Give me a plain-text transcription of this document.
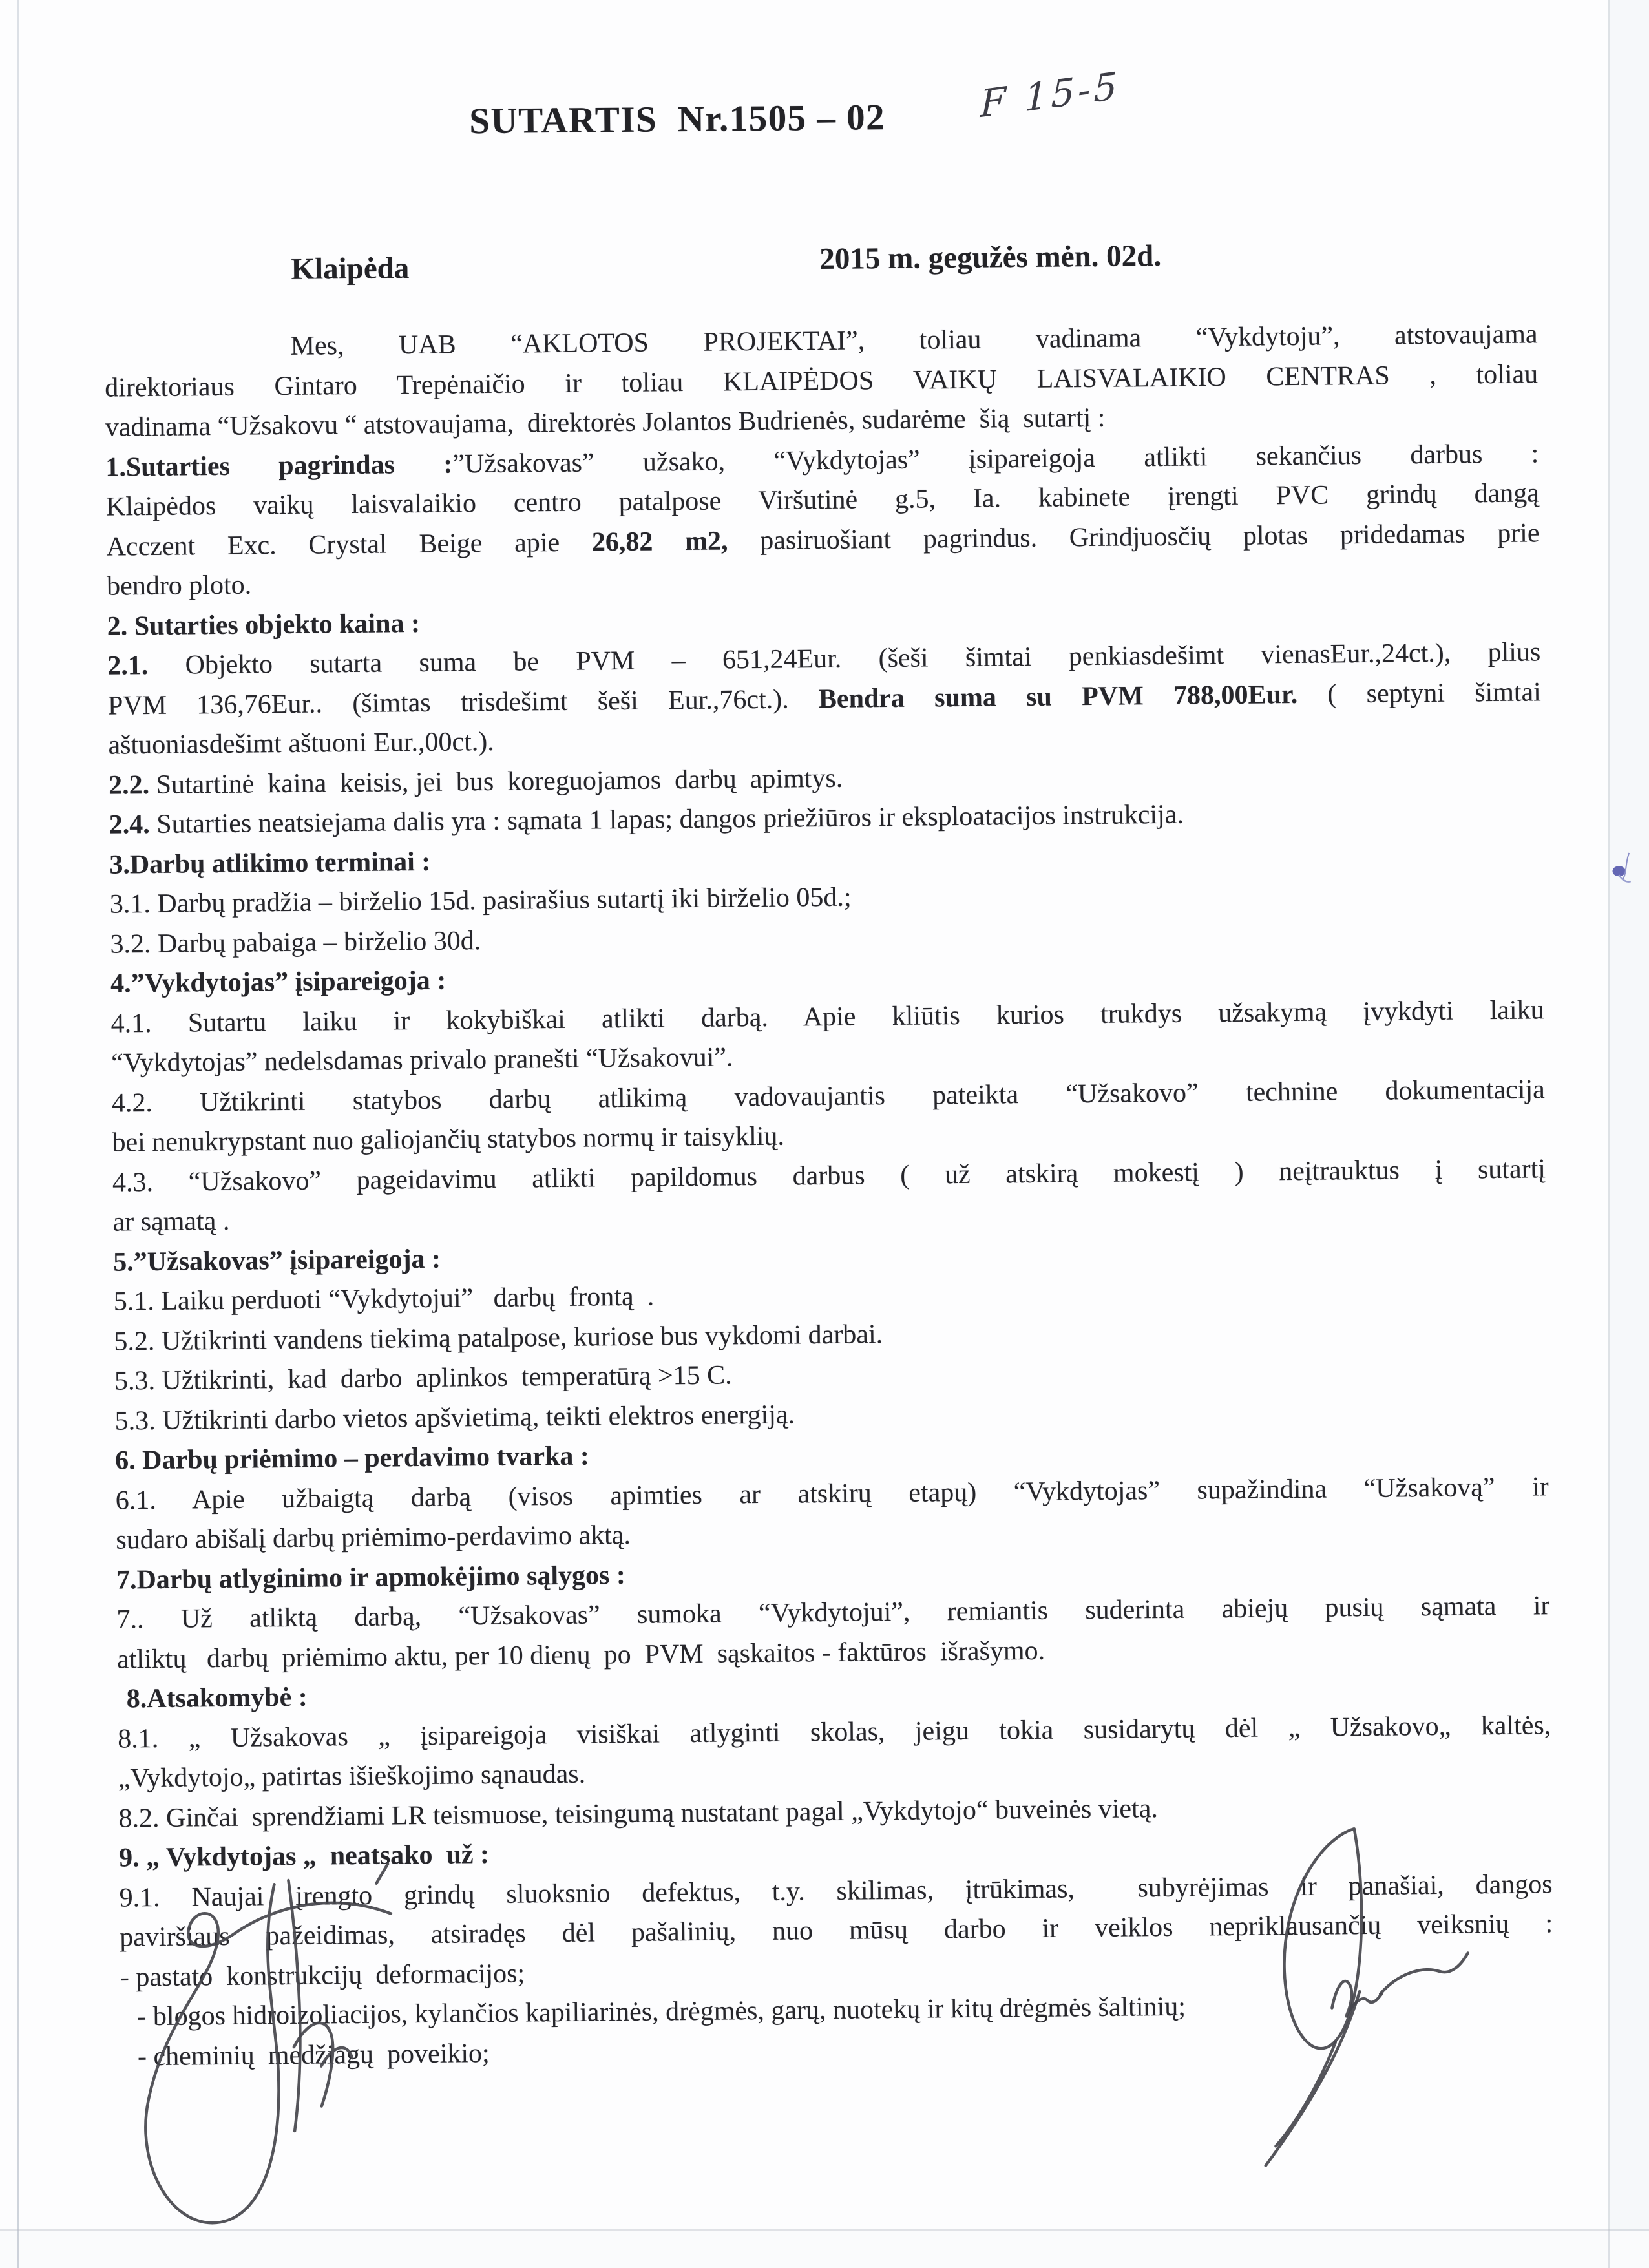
SUTARTIS  Nr.1505 – 02	F 15-5
Klaipėda	2015 m. gegužės mėn. 02d.
Mes, UAB “AKLOTOS PROJEKTAI”, toliau vadinama “Vykdytoju”, atstovaujama
direktoriaus Gintaro Trepėnaičio ir toliau KLAIPĖDOS VAIKŲ LAISVALAIKIO CENTRAS , toliau
vadinama “Užsakovu “ atstovaujama,  direktorės Jolantos Budrienės, sudarėme  šią  sutartį :
1.Sutarties pagrindas :”Užsakovas” užsako, “Vykdytojas” įsipareigoja atlikti sekančius darbus :
Klaipėdos vaikų laisvalaikio centro patalpose Viršutinė g.5, Ia. kabinete įrengti PVC grindų dangą
Acczent Exc. Crystal Beige apie 26,82 m2, pasiruošiant pagrindus. Grindjuosčių plotas pridedamas prie
bendro ploto.
2. Sutarties objekto kaina :
2.1. Objekto sutarta suma be PVM – 651,24Eur. (šeši šimtai penkiasdešimt vienasEur.,24ct.), plius
PVM 136,76Eur.. (šimtas trisdešimt šeši Eur.,76ct.). Bendra suma su PVM 788,00Eur. ( septyni šimtai
aštuoniasdešimt aštuoni Eur.,00ct.).
2.2. Sutartinė  kaina  keisis, jei  bus  koreguojamos  darbų  apimtys.
2.4. Sutarties neatsiejama dalis yra : sąmata 1 lapas; dangos priežiūros ir eksploatacijos instrukcija.
3.Darbų atlikimo terminai :
3.1. Darbų pradžia – birželio 15d. pasirašius sutartį iki birželio 05d.;
3.2. Darbų pabaiga – birželio 30d.
4.”Vykdytojas” įsipareigoja :
4.1. Sutartu laiku ir kokybiškai atlikti darbą. Apie kliūtis kurios trukdys užsakymą įvykdyti laiku
“Vykdytojas” nedelsdamas privalo pranešti “Užsakovui”.
4.2. Užtikrinti statybos darbų atlikimą vadovaujantis pateikta “Užsakovo” technine dokumentacija
bei nenukrypstant nuo galiojančių statybos normų ir taisyklių.
4.3. “Užsakovo” pageidavimu atlikti papildomus darbus ( už atskirą mokestį ) neįtrauktus į sutartį
ar sąmatą .
5.”Užsakovas” įsipareigoja :
5.1. Laiku perduoti “Vykdytojui”   darbų  frontą  .
5.2. Užtikrinti vandens tiekimą patalpose, kuriose bus vykdomi darbai.
5.3. Užtikrinti,  kad  darbo  aplinkos  temperatūrą >15 C.
5.3. Užtikrinti darbo vietos apšvietimą, teikti elektros energiją.
6. Darbų priėmimo – perdavimo tvarka :
6.1. Apie užbaigtą darbą (visos apimties ar atskirų etapų) “Vykdytojas” supažindina “Užsakovą” ir
sudaro abišalį darbų priėmimo-perdavimo aktą.
7.Darbų atlyginimo ir apmokėjimo sąlygos :
7.. Už atliktą darbą, “Užsakovas” sumoka “Vykdytojui”, remiantis suderinta abiejų pusių sąmata ir
atliktų   darbų  priėmimo aktu, per 10 dienų  po  PVM  sąskaitos - faktūros  išrašymo.
8.Atsakomybė :
8.1. „ Užsakovas „ įsipareigoja visiškai atlyginti skolas, jeigu tokia susidarytų dėl „ Užsakovo„ kaltės,
„Vykdytojo„ patirtas išieškojimo sąnaudas.
8.2. Ginčai  sprendžiami LR teismuose, teisingumą nustatant pagal „Vykdytojo“ buveinės vietą.
9. „ Vykdytojas „  neatsako  už :
9.1. Naujai įrengto grindų sluoksnio defektus, t.y. skilimas, įtrūkimas,  subyrėjimas ir panašiai, dangos
paviršiaus pažeidimas, atsiradęs dėl pašalinių, nuo mūsų darbo ir veiklos nepriklausančių veiksnių :
- pastato  konstrukcijų  deformacijos;
- blogos hidroizoliacijos, kylančios kapiliarinės, drėgmės, garų, nuotekų ir kitų drėgmės šaltinių;
- cheminių  medžiagų  poveikio;
